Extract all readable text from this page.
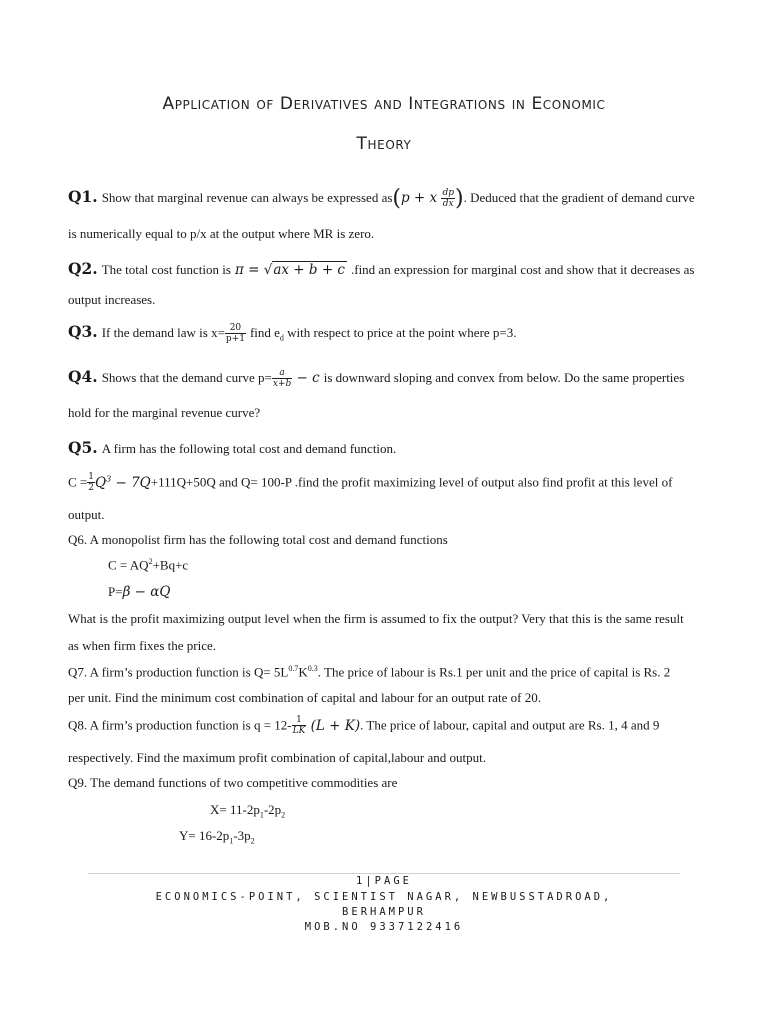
Application of Derivatives and Integrations in Economic
Theory
Q1. Show that marginal revenue can always be expressed as(p + x $\frac{dp}{dx}$ ). Deduced that the gradient of demand curve
is numerically equal to p/x at the output where MR is zero.
Q2. The total cost function is π = √ax + b + c .find an expression for marginal cost and show that it decreases as
output increases.
Q3. If the demand law is $x= \frac{20}{p+1}$ find $e_d$ with respect to price at the point where p=3.
Q4. Shows that the demand curve $p= \frac{a}{x+b} - c$ is downward sloping and convex from below. Do the same properties
hold for the marginal revenue curve?
Q5. A firm has the following total cost and demand function.
$C = \frac{1}{2} Q^3 - 7Q+111Q+50Q$ and Q= 100-P .find the profit maximizing level of output also find profit at this level of
output.
Q6. A monopolist firm has the following total cost and demand functions
$C = AQ^2+Bq+c$
P=β − αQ
What is the profit maximizing output level when the firm is assumed to fix the output? Very that this is the same result
as when firm fixes the price.
Q7. A firm’s production function is $Q= 5L^{0.7}K^{0.3}$. The price of labour is Rs.1 per unit and the price of capital is Rs. 2
per unit. Find the minimum cost combination of capital and labour for an output rate of 20.
Q8. A firm’s production function is $q = 12- \frac{1}{LK} (L + K)$. The price of labour, capital and output are Rs. 1, 4 and 9
respectively. Find the maximum profit combination of capital,labour and output.
Q9. The demand functions of two competitive commodities are
$X= 11-2p_1-2p_2$
$Y= 16-2p_1-3p_2$
1|PAGE
ECONOMICS-POINT, SCIENTIST NAGAR, NEWBUSSTADROAD,
BERHAMPUR
MOB.NO 9337122416
